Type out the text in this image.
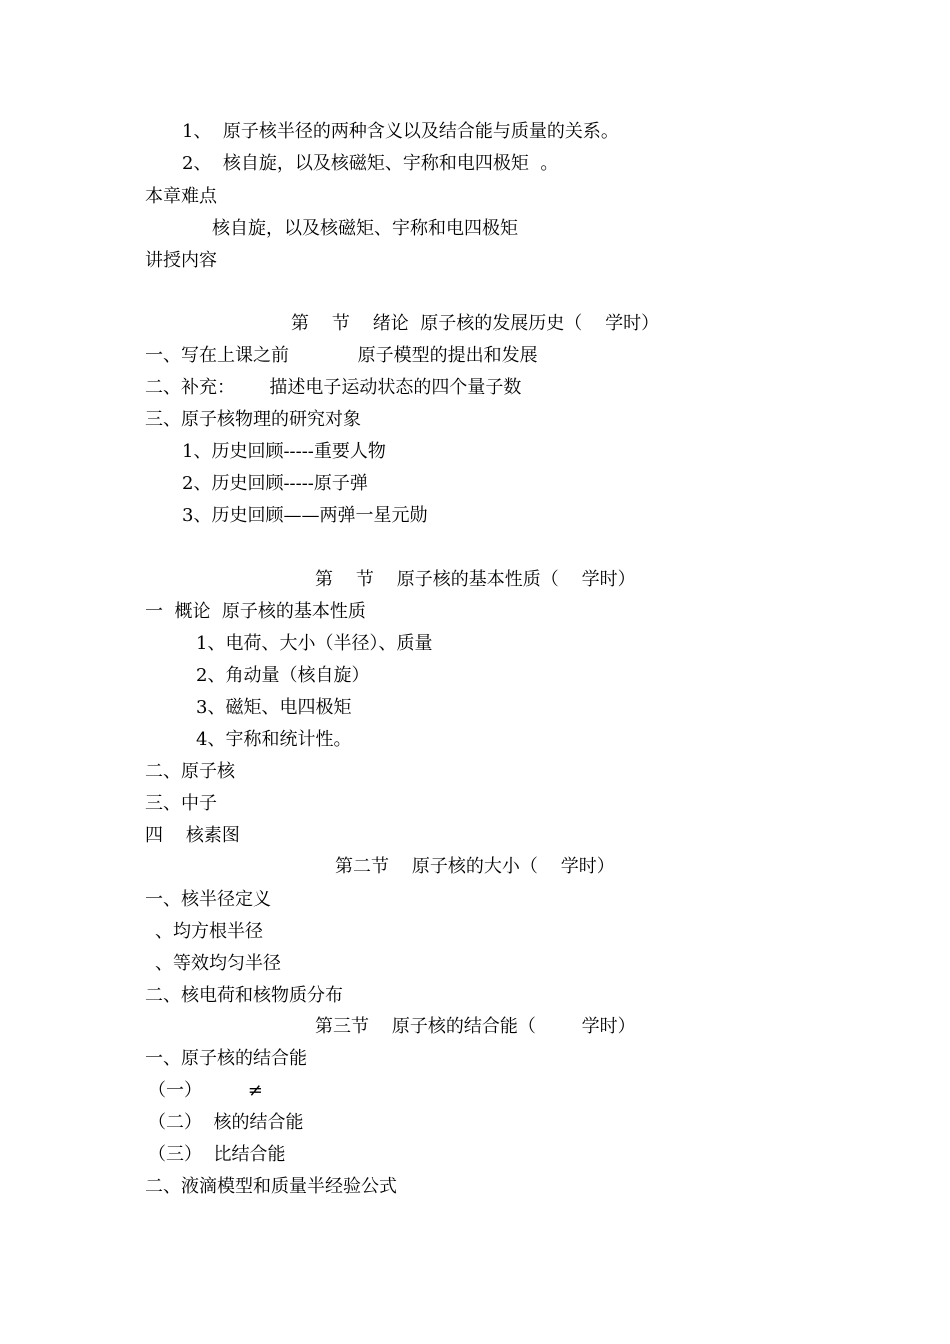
1、  原子核半径的两种含义以及结合能与质量的关系。
2、  核自旋，以及核磁矩、宇称和电四极矩  。
本章难点
核自旋，以及核磁矩、宇称和电四极矩
讲授内容
第    节    绪论  原子核的发展历史（    学时）
一、写在上课之前            原子模型的提出和发展
二、补充：      描述电子运动状态的四个量子数
三、原子核物理的研究对象
1、历史回顾-----重要人物
2、历史回顾-----原子弹
3、历史回顾——两弹一星元勋
第    节    原子核的基本性质（    学时）
一  概论  原子核的基本性质
1、电荷、大小（半径）、质量
2、角动量（核自旋）
3、磁矩、电四极矩
4、宇称和统计性。
二、原子核
三、中子
四    核素图
第二节    原子核的大小（    学时）
一、核半径定义
、均方根半径
、等效均匀半径
二、核电荷和核物质分布
第三节    原子核的结合能（        学时）
一、原子核的结合能
（一）        ≠
（二）  核的结合能
（三）  比结合能
二、液滴模型和质量半经验公式
